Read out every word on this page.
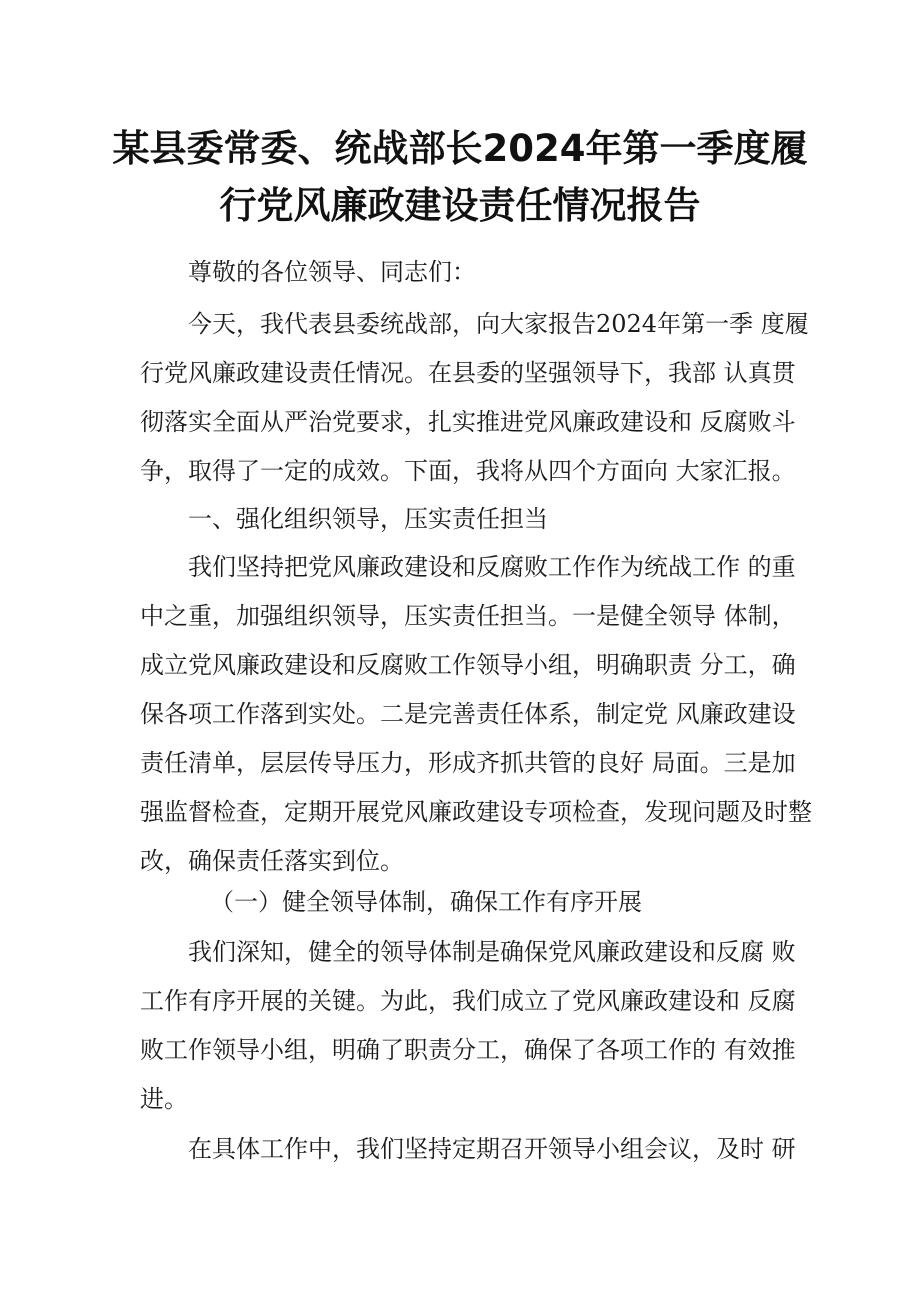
某县委常委、统战部长2024年第一季度履
行党风廉政建设责任情况报告
尊敬的各位领导、同志们：
今天，我代表县委统战部，向大家报告2024年第一季 度履
行党风廉政建设责任情况。在县委的坚强领导下，我部 认真贯
彻落实全面从严治党要求，扎实推进党风廉政建设和 反腐败斗
争，取得了一定的成效。下面，我将从四个方面向 大家汇报。
一、强化组织领导，压实责任担当
我们坚持把党风廉政建设和反腐败工作作为统战工作 的重
中之重，加强组织领导，压实责任担当。一是健全领导 体制，
成立党风廉政建设和反腐败工作领导小组，明确职责 分工，确
保各项工作落到实处。二是完善责任体系，制定党 风廉政建设
责任清单，层层传导压力，形成齐抓共管的良好 局面。三是加
强监督检查，定期开展党风廉政建设专项检查，发现问题及时整
改，确保责任落实到位。
（一）健全领导体制，确保工作有序开展
我们深知，健全的领导体制是确保党风廉政建设和反腐 败
工作有序开展的关键。为此，我们成立了党风廉政建设和 反腐
败工作领导小组，明确了职责分工，确保了各项工作的 有效推
进。
在具体工作中，我们坚持定期召开领导小组会议，及时 研
